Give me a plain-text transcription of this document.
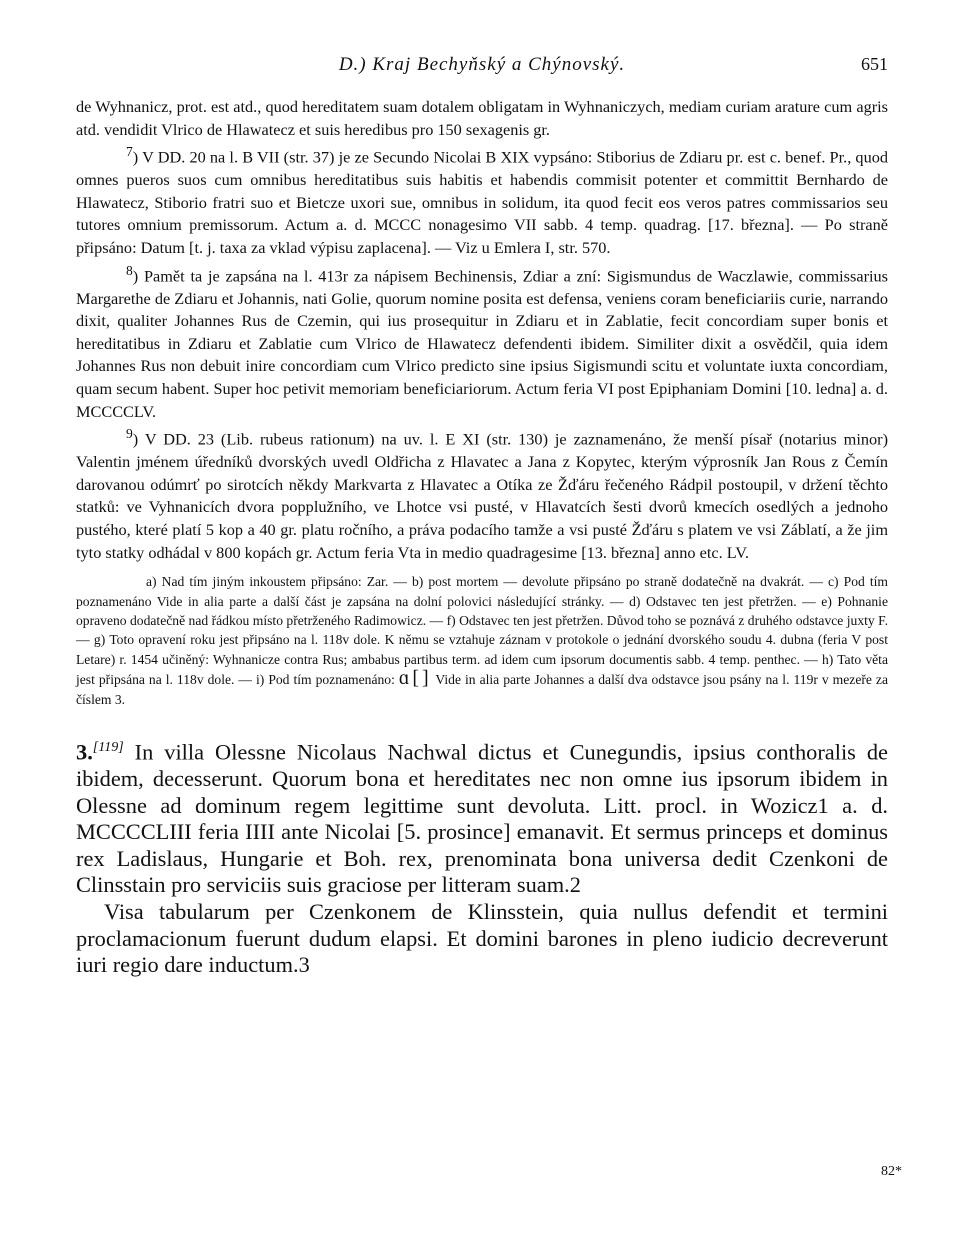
D.) Kraj Bechyňský a Chýnovský.	651

de Wyhnanicz, prot. est atd., quod hereditatem suam dotalem obligatam in Wyhnaniczych, mediam curiam arature cum agris atd. vendidit Vlrico de Hlawatecz et suis heredibus pro 150 sexagenis gr.

$^7$) V DD. 20 na l. B VII (str. 37) je ze Secundo Nicolai B XIX vypsáno: Stiborius de Zdiaru pr. est c. benef. Pr., quod omnes pueros suos cum omnibus hereditatibus suis habitis et habendis commisit potenter et committit Bernhardo de Hlawatecz, Stiborio fratri suo et Bietcze uxori sue, omnibus in solidum, ita quod fecit eos veros patres commissarios seu tutores omnium premissorum. Actum a. d. MCCC nonagesimo VII sabb. 4 temp. quadrag. [17. března]. — Po straně připsáno: Datum [t. j. taxa za vklad výpisu zaplacena]. — Viz u Emlera I, str. 570.

$^8$) Pamět ta je zapsána na l. 413r za nápisem Bechinensis, Zdiar a zní: Sigismundus de Waczlawie, commissarius Margarethe de Zdiaru et Johannis, nati Golie, quorum nomine posita est defensa, veniens coram beneficiariis curie, narrando dixit, qualiter Johannes Rus de Czemin, qui ius prosequitur in Zdiaru et in Zablatie, fecit concordiam super bonis et hereditatibus in Zdiaru et Zablatie cum Vlrico de Hlawatecz defendenti ibidem. Similiter dixit a osvědčil, quia idem Johannes Rus non debuit inire concordiam cum Vlrico predicto sine ipsius Sigismundi scitu et voluntate iuxta concordiam, quam secum habent. Super hoc petivit memoriam beneficiariorum. Actum feria VI post Epiphaniam Domini [10. ledna] a. d. MCCCCLV.

$^9$) V DD. 23 (Lib. rubeus rationum) na uv. l. E XI (str. 130) je zaznamenáno, že menší písař (notarius minor) Valentin jménem úředníků dvorských uvedl Oldřicha z Hlavatec a Jana z Kopytec, kterým výprosník Jan Rous z Čemín darovanou odúmrť po sirotcích někdy Markvarta z Hlavatec a Otíka ze Žďáru řečeného Rádpil postoupil, v držení těchto statků: ve Vyhnanicích dvora popplužního, ve Lhotce vsi pusté, v Hlavatcích šesti dvorů kmecích osedlých a jednoho pustého, které platí 5 kop a 40 gr. platu ročního, a práva podacího tamže a vsi pusté Žďáru s platem ve vsi Záblatí, a že jim tyto statky odhádal v 800 kopách gr. Actum feria Vta in medio quadragesime [13. března] anno etc. LV.

a) Nad tím jiným inkoustem připsáno: Zar. — b) post mortem — devolute připsáno po straně dodatečně na dvakrát. — c) Pod tím poznamenáno Vide in alia parte a další část je zapsána na dolní polovici následující stránky. — d) Odstavec ten jest přetržen. — e) Pohnanie opraveno dodatečně nad řádkou místo přetrženého Radimowicz. — f) Odstavec ten jest přetržen. Důvod toho se poznává z druhého odstavce juxty F. — g) Toto opravení roku jest připsáno na l. 118v dole. K němu se vztahuje záznam v protokole o jednání dvorského soudu 4. dubna (feria V post Letare) r. 1454 učiněný: Wyhnanicze contra Rus; ambabus partibus term. ad idem cum ipsorum documentis sabb. 4 temp. penthec. — h) Tato věta jest připsána na l. 118v dole. — i) Pod tím poznamenáno: ɑ[] Vide in alia parte Johannes a další dva odstavce jsou psány na l. 119r v mezeře za číslem 3.

3.[119] In villa Olessne Nicolaus Nachwal dictus et Cunegundis, ipsius conthoralis de ibidem, decesserunt. Quorum bona et hereditates nec non omne ius ipsorum ibidem in Olessne ad dominum regem legittime sunt devoluta. Litt. procl. in Wozicz1 a. d. MCCCCLIII feria IIII ante Nicolai [5. prosince] emanavit. Et sermus princeps et dominus rex Ladislaus, Hungarie et Boh. rex, prenominata bona universa dedit Czenkoni de Clinsstain pro serviciis suis graciose per litteram suam.2

Visa tabularum per Czenkonem de Klinsstein, quia nullus defendit et termini proclamacionum fuerunt dudum elapsi. Et domini barones in pleno iudicio decreverunt iuri regio dare inductum.3

82*
